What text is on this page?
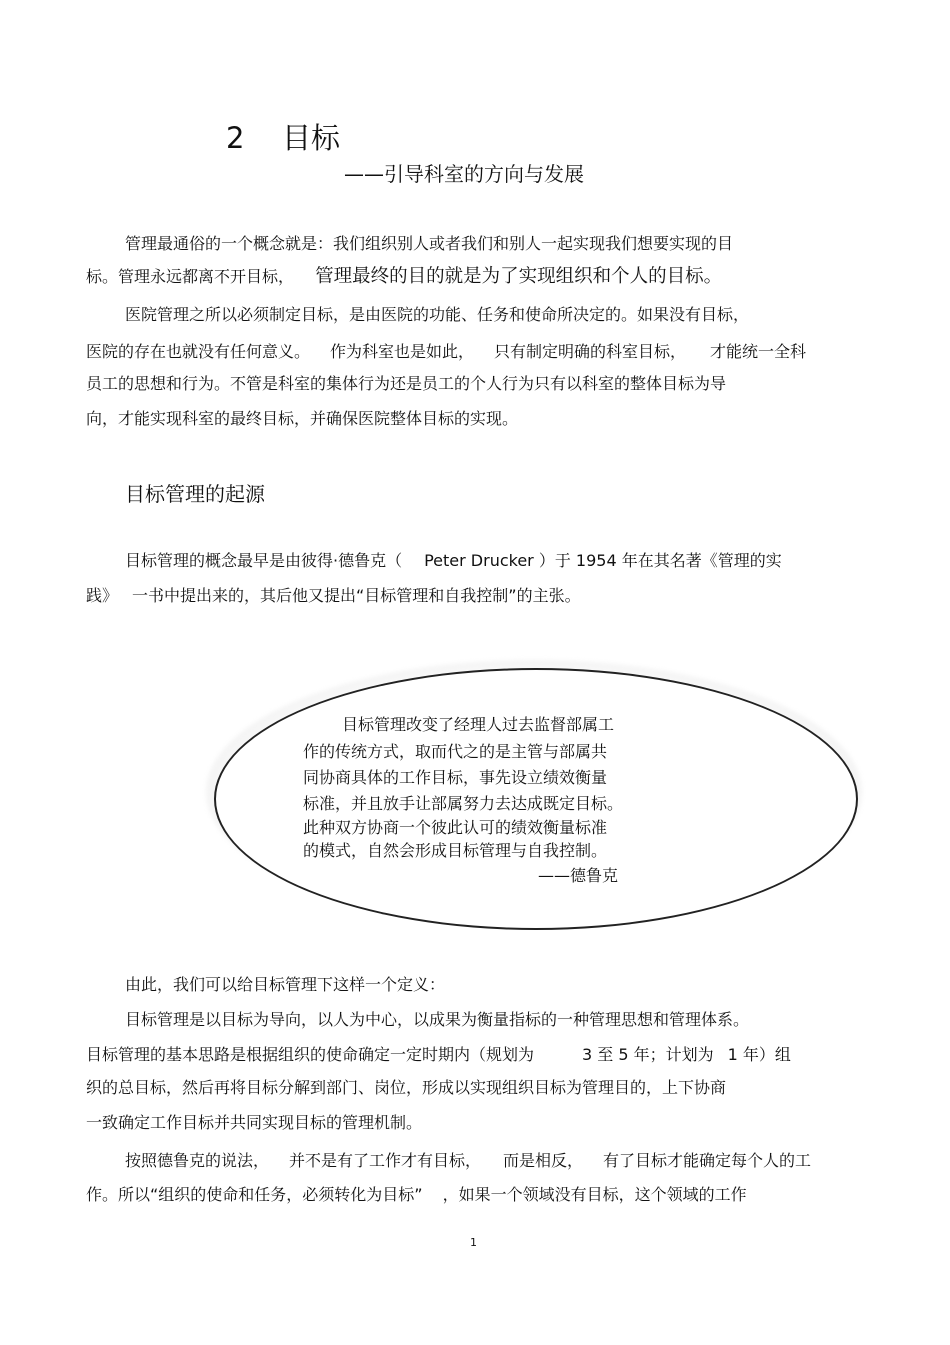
2 目标
——引导科室的方向与发展
管理最通俗的一个概念就是：我们组织别人或者我们和别人一起实现我们想要实现的目
标。管理永远都离不开目标， 管理最终的目的就是为了实现组织和个人的目标。
医院管理之所以必须制定目标，是由医院的功能、任务和使命所决定的。如果没有目标，
医院的存在也就没有任何意义。 作为科室也是如此， 只有制定明确的科室目标， 才能统一全科
员工的思想和行为。不管是科室的集体行为还是员工的个人行为只有以科室的整体目标为导
向，才能实现科室的最终目标，并确保医院整体目标的实现。
目标管理的起源
目标管理的概念最早是由彼得·德鲁克（ Peter Drucker ）于 1954 年在其名著《管理的实
践》 一书中提出来的，其后他又提出“目标管理和自我控制”的主张。
目标管理改变了经理人过去监督部属工
作的传统方式，取而代之的是主管与部属共
同协商具体的工作目标，事先设立绩效衡量
标准，并且放手让部属努力去达成既定目标。
此种双方协商一个彼此认可的绩效衡量标准
的模式，自然会形成目标管理与自我控制。
——德鲁克
由此，我们可以给目标管理下这样一个定义：
目标管理是以目标为导向，以人为中心，以成果为衡量指标的一种管理思想和管理体系。
目标管理的基本思路是根据组织的使命确定一定时期内（规划为	3 至 5 年；计划为 1 年）组
织的总目标，然后再将目标分解到部门、岗位，形成以实现组织目标为管理目的，上下协商
一致确定工作目标并共同实现目标的管理机制。
按照德鲁克的说法， 并不是有了工作才有目标， 而是相反， 有了目标才能确定每个人的工
作。所以“组织的使命和任务，必须转化为目标” ，如果一个领域没有目标，这个领域的工作
1
